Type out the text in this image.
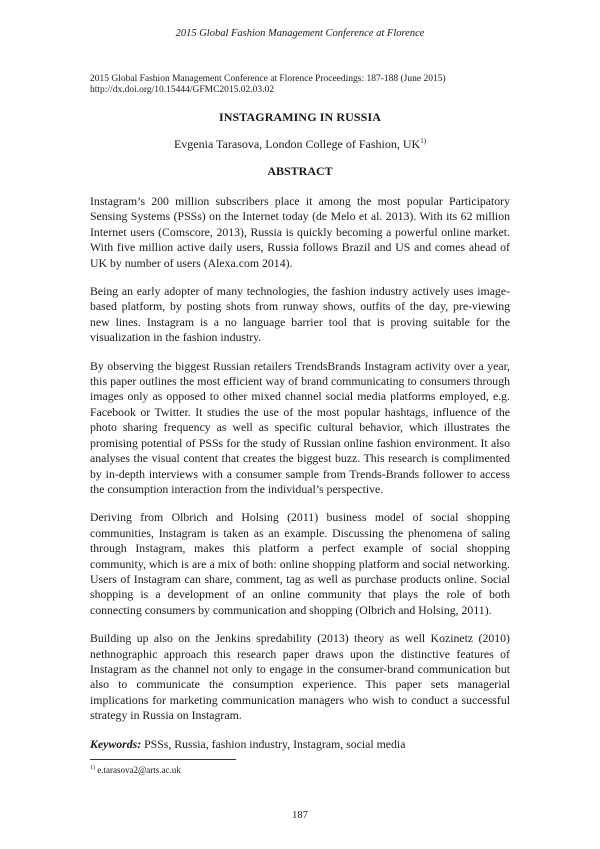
2015 Global Fashion Management Conference at Florence
2015 Global Fashion Management Conference at Florence Proceedings: 187-188 (June 2015)
http://dx.doi.org/10.15444/GFMC2015.02.03.02
INSTAGRAMING IN RUSSIA
Evgenia Tarasova, London College of Fashion, UK$^{1)}$
ABSTRACT

Instagram’s 200 million subscribers place it among the most popular Participatory Sensing Systems (PSSs) on the Internet today (de Melo et al. 2013). With its 62 million Internet users (Comscore, 2013), Russia is quickly becoming a powerful online market. With five million active daily users, Russia follows Brazil and US and comes ahead of UK by number of users (Alexa.com 2014).

Being an early adopter of many technologies, the fashion industry actively uses image-based platform, by posting shots from runway shows, outfits of the day, pre-viewing new lines. Instagram is a no language barrier tool that is proving suitable for the visualization in the fashion industry.

By observing the biggest Russian retailers TrendsBrands Instagram activity over a year, this paper outlines the most efficient way of brand communicating to consumers through images only as opposed to other mixed channel social media platforms employed, e.g. Facebook or Twitter. It studies the use of the most popular hashtags, influence of the photo sharing frequency as well as specific cultural behavior, which illustrates the promising potential of PSSs for the study of Russian online fashion environment. It also analyses the visual content that creates the biggest buzz. This research is complimented by in-depth interviews with a consumer sample from Trends-Brands follower to access the consumption interaction from the individual’s perspective.

Deriving from Olbrich and Holsing (2011) business model of social shopping communities, Instagram is taken as an example. Discussing the phenomena of saling through Instagram, makes this platform a perfect example of social shopping community, which is are a mix of both: online shopping platform and social networking. Users of Instagram can share, comment, tag as well as purchase products online. Social shopping is a development of an online community that plays the role of both connecting consumers by communication and shopping (Olbrich and Holsing, 2011).

Building up also on the Jenkins spredability (2013) theory as well Kozinetz (2010) nethnographic approach this research paper draws upon the distinctive features of Instagram as the channel not only to engage in the consumer-brand communication but also to communicate the consumption experience. This paper sets managerial implications for marketing communication managers who wish to conduct a successful strategy in Russia on Instagram.

Keywords: PSSs, Russia, fashion industry, Instagram, social media
$^{1)}$ e.tarasova2@arts.ac.uk
187
